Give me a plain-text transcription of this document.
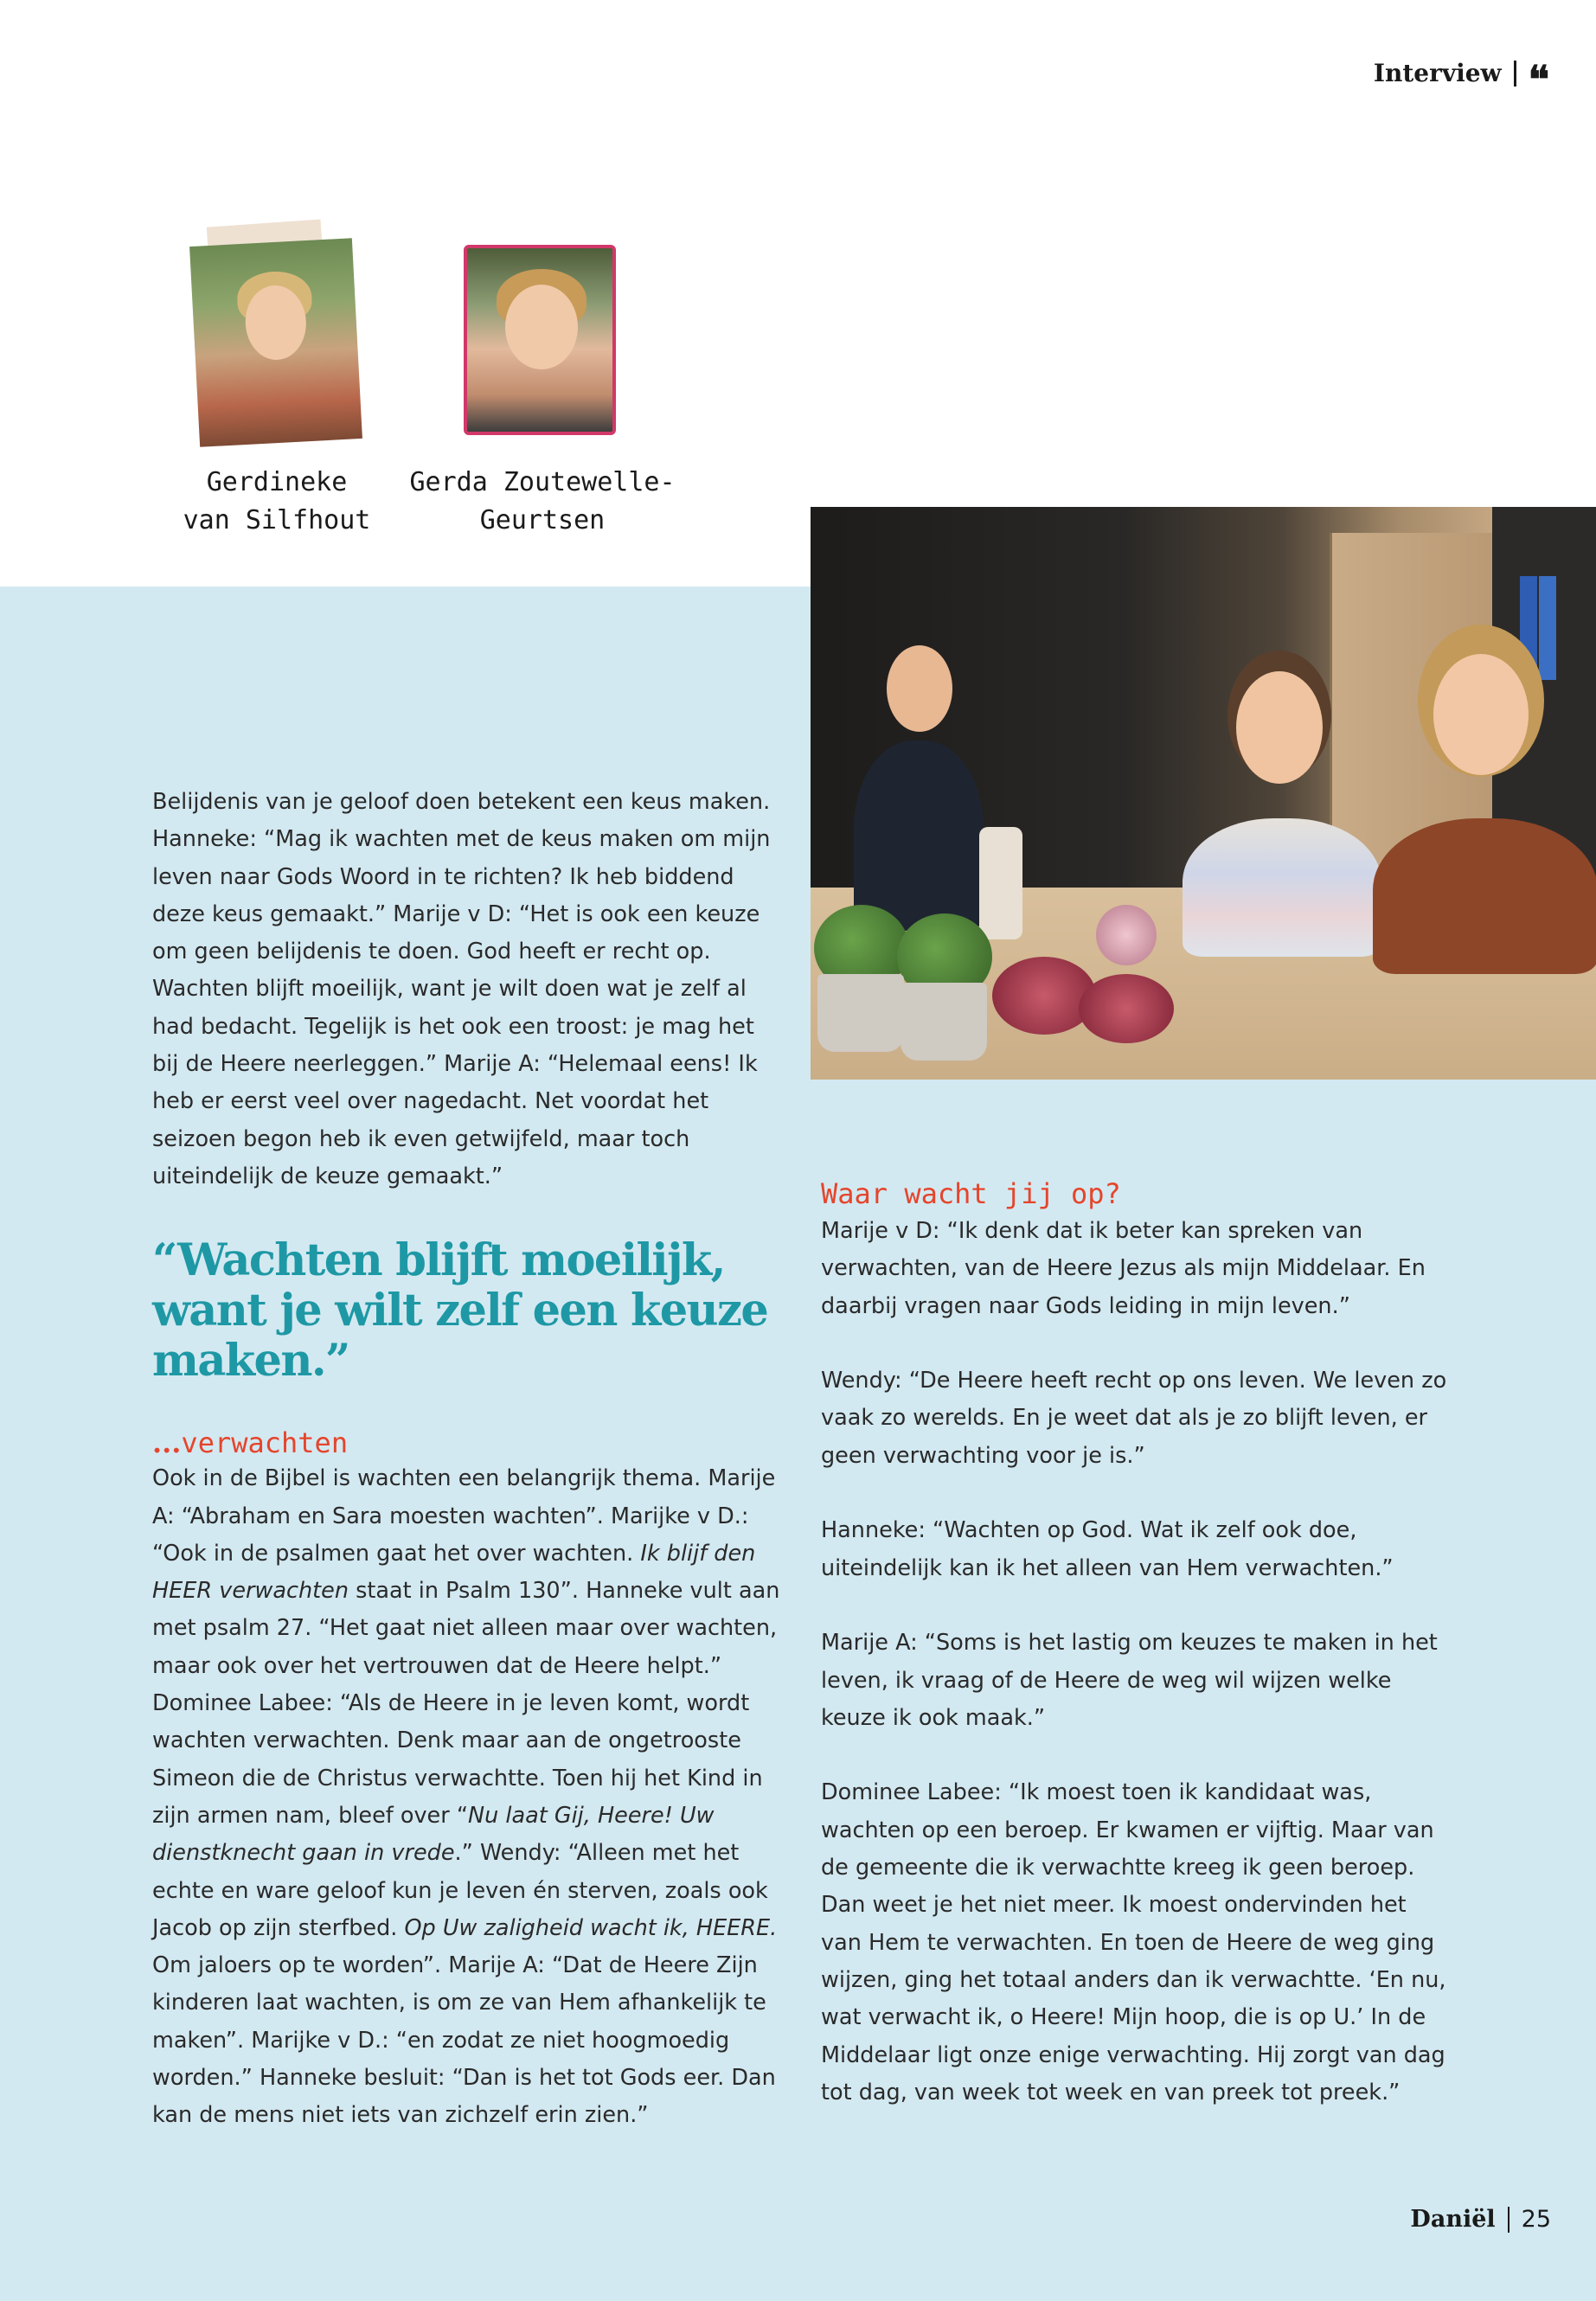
Interview ❛❛
Gerdineke
van Silfhout
Gerda Zoutewelle-
Geurtsen

Belijdenis van je geloof doen betekent een keus maken. Hanneke: “Mag ik wachten met de keus maken om mijn leven naar Gods Woord in te richten? Ik heb biddend deze keus gemaakt.” Marije v D: “Het is ook een keuze om geen belijdenis te doen. God heeft er recht op. Wachten blijft moeilijk, want je wilt doen wat je zelf al had bedacht. Tegelijk is het ook een troost: je mag het bij de Heere neerleggen.” Marije A: “Helemaal eens! Ik heb er eerst veel over nagedacht. Net voordat het seizoen begon heb ik even getwijfeld, maar toch uiteindelijk de keuze gemaakt.”

“Wachten blijft moeilijk, want je wilt zelf een keuze maken.”
...verwachten

Ook in de Bijbel is wachten een belangrijk thema. Marije A: “Abraham en Sara moesten wachten”. Marijke v D.: “Ook in de psalmen gaat het over wachten. Ik blijf den HEER verwachten staat in Psalm 130”. Hanneke vult aan met psalm 27. “Het gaat niet alleen maar over wachten, maar ook over het vertrouwen dat de Heere helpt.” Dominee Labee: “Als de Heere in je leven komt, wordt wachten verwachten. Denk maar aan de ongetrooste Simeon die de Christus verwachtte. Toen hij het Kind in zijn armen nam, bleef over “Nu laat Gij, Heere! Uw dienstknecht gaan in vrede.” Wendy: “Alleen met het echte en ware geloof kun je leven én sterven, zoals ook Jacob op zijn sterfbed. Op Uw zaligheid wacht ik, HEERE. Om jaloers op te worden”. Marije A: “Dat de Heere Zijn kinderen laat wachten, is om ze van Hem afhankelijk te maken”. Marijke v D.: “en zodat ze niet hoogmoedig worden.” Hanneke besluit: “Dan is het tot Gods eer. Dan kan de mens niet iets van zichzelf erin zien.”

Waar wacht jij op?

Marije v D: “Ik denk dat ik beter kan spreken van verwachten, van de Heere Jezus als mijn Middelaar. En daarbij vragen naar Gods leiding in mijn leven.”

Wendy: “De Heere heeft recht op ons leven. We leven zo vaak zo werelds. En je weet dat als je zo blijft leven, er geen verwachting voor je is.”

Hanneke: “Wachten op God. Wat ik zelf ook doe, uiteindelijk kan ik het alleen van Hem verwachten.”

Marije A: “Soms is het lastig om keuzes te maken in het leven, ik vraag of de Heere de weg wil wijzen welke keuze ik ook maak.”

Dominee Labee: “Ik moest toen ik kandidaat was, wachten op een beroep. Er kwamen er vijftig. Maar van de gemeente die ik verwachtte kreeg ik geen beroep. Dan weet je het niet meer. Ik moest ondervinden het van Hem te verwachten. En toen de Heere de weg ging wijzen, ging het totaal anders dan ik verwachtte. ‘En nu, wat verwacht ik, o Heere! Mijn hoop, die is op U.’ In de Middelaar ligt onze enige verwachting. Hij zorgt van dag tot dag, van week tot week en van preek tot preek.”

Daniël 25
